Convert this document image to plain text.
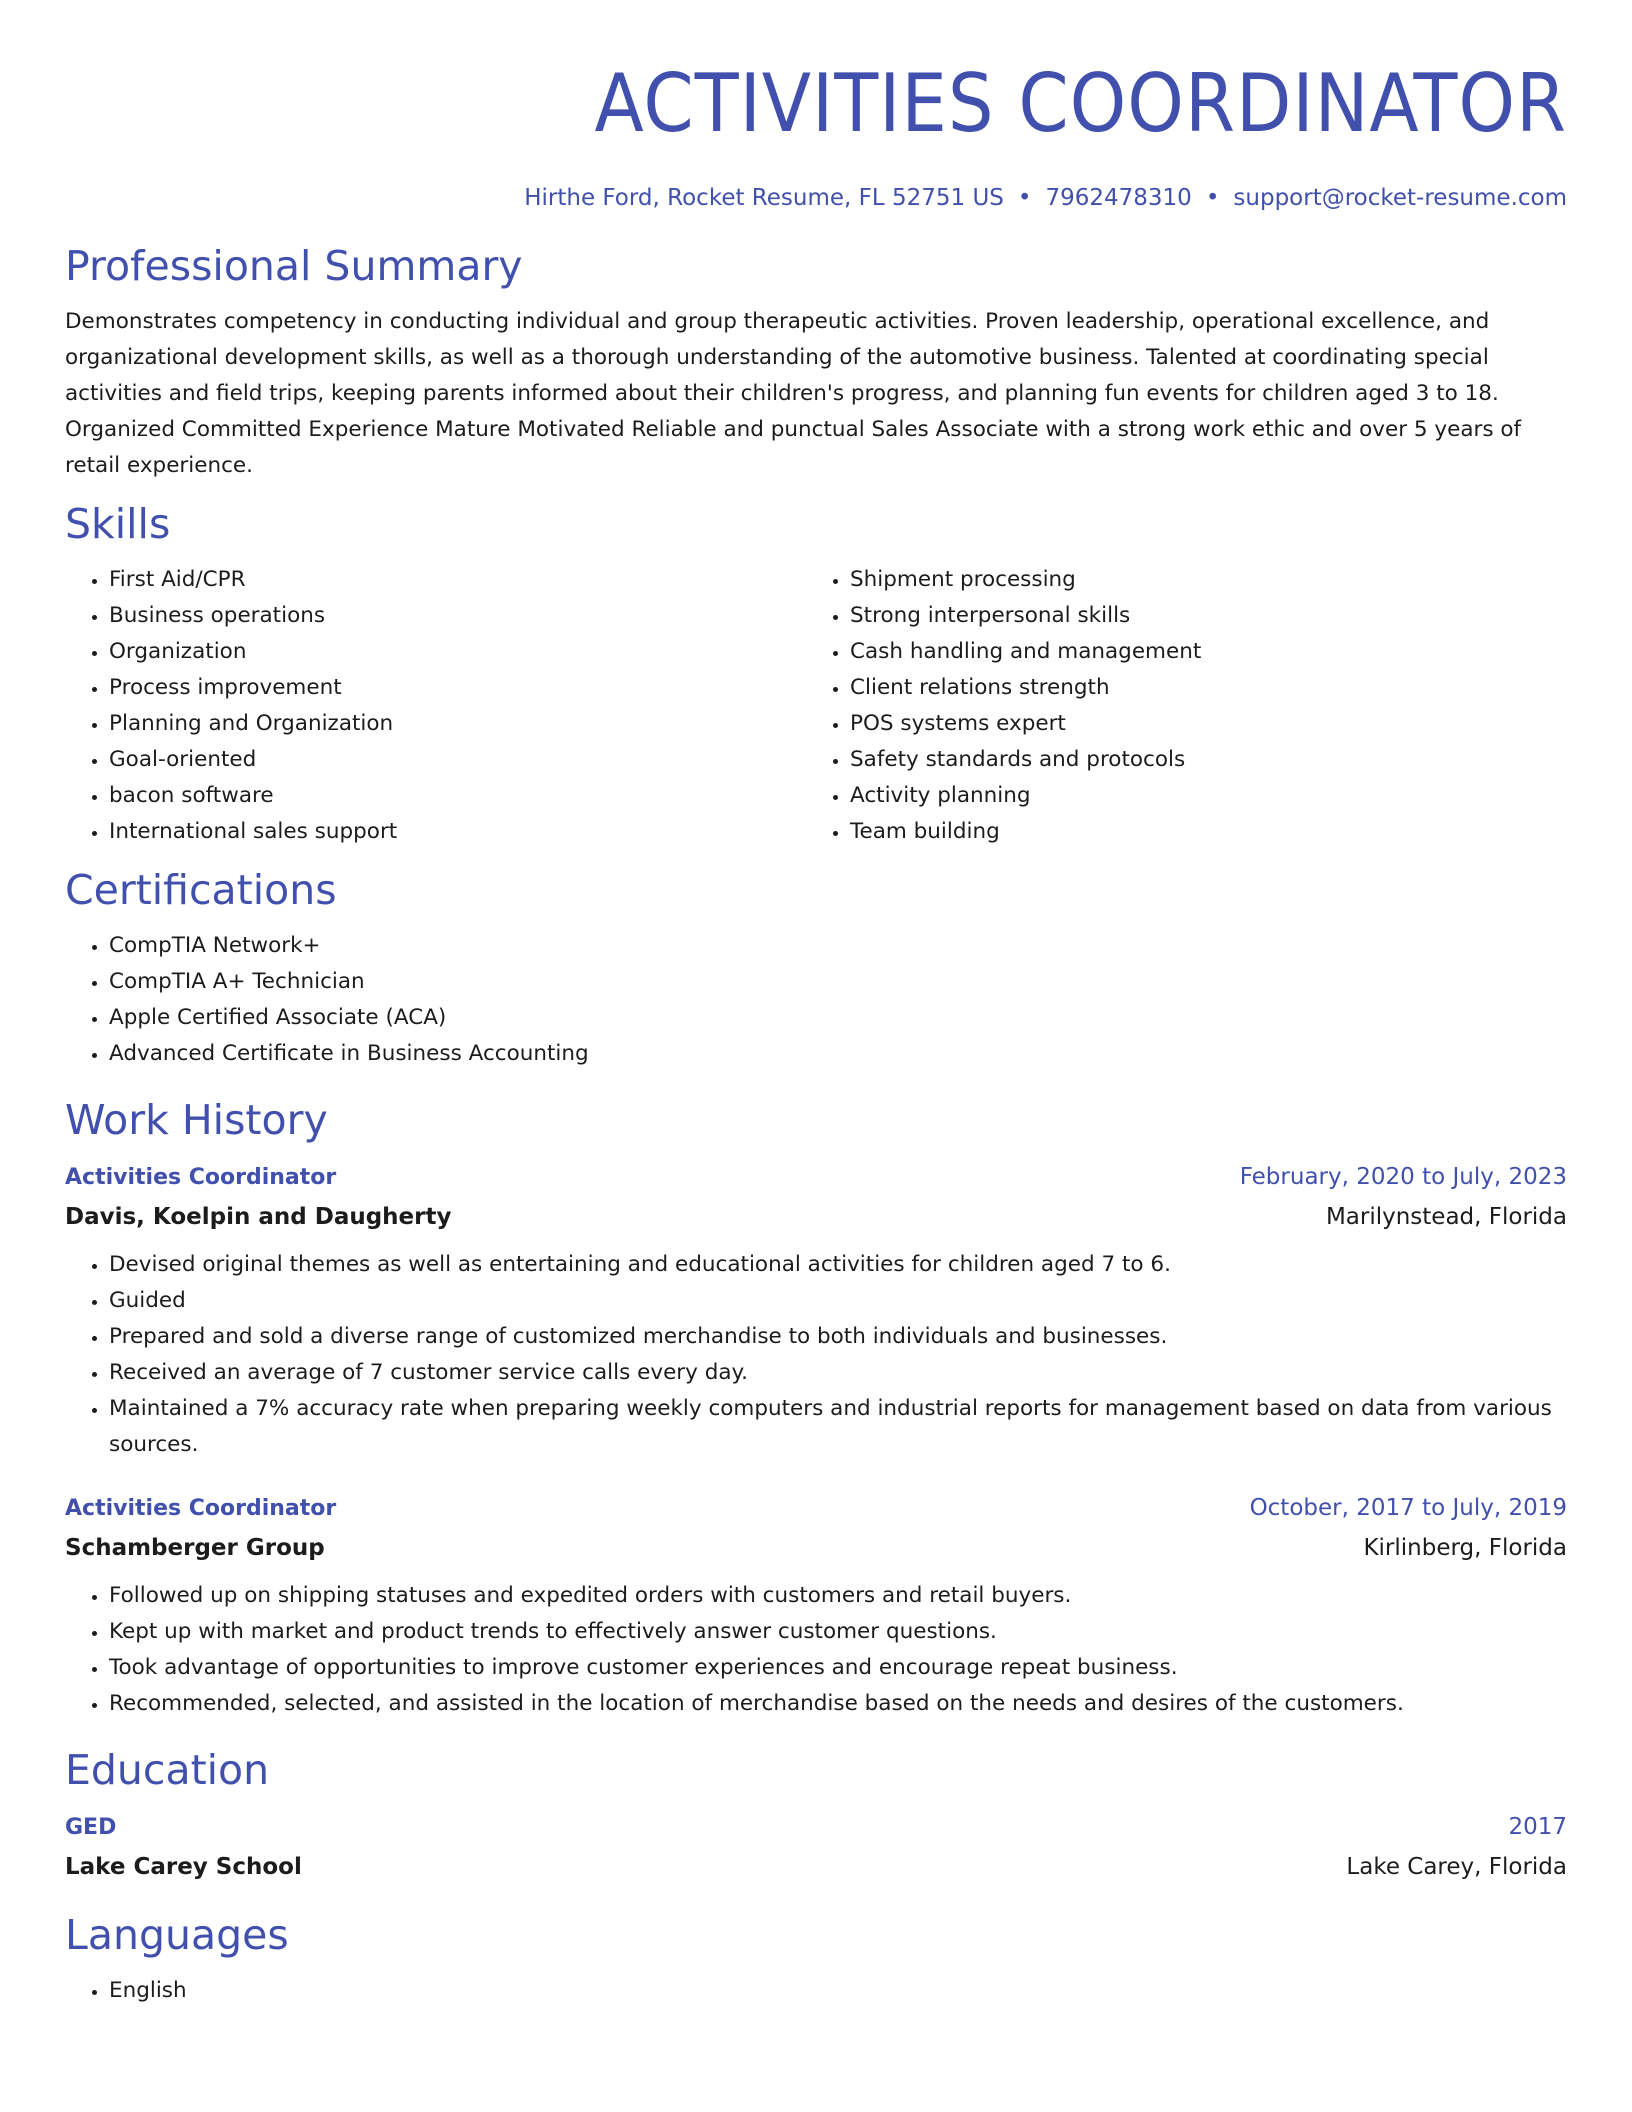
ACTIVITIES COORDINATOR
Hirthe Ford, Rocket Resume, FL 52751 US • 7962478310 • support@rocket-resume.com
Professional Summary

Demonstrates competency in conducting individual and group therapeutic activities. Proven leadership, operational excellence, and organizational development skills, as well as a thorough understanding of the automotive business. Talented at coordinating special activities and field trips, keeping parents informed about their children's progress, and planning fun events for children aged 3 to 18. Organized Committed Experience Mature Motivated Reliable and punctual Sales Associate with a strong work ethic and over 5 years of retail experience.

Skills
• First Aid/CPR
• Business operations
• Organization
• Process improvement
• Planning and Organization
• Goal-oriented
• bacon software
• International sales support
• Shipment processing
• Strong interpersonal skills
• Cash handling and management
• Client relations strength
• POS systems expert
• Safety standards and protocols
• Activity planning
• Team building
Certifications
• CompTIA Network+
• CompTIA A+ Technician
• Apple Certified Associate (ACA)
• Advanced Certificate in Business Accounting
Work History
Activities Coordinator	February, 2020 to July, 2023
Davis, Koelpin and Daugherty	Marilynstead, Florida
• Devised original themes as well as entertaining and educational activities for children aged 7 to 6.
• Guided
• Prepared and sold a diverse range of customized merchandise to both individuals and businesses.
• Received an average of 7 customer service calls every day.
• Maintained a 7% accuracy rate when preparing weekly computers and industrial reports for management based on data from various sources.
Activities Coordinator	October, 2017 to July, 2019
Schamberger Group	Kirlinberg, Florida
• Followed up on shipping statuses and expedited orders with customers and retail buyers.
• Kept up with market and product trends to effectively answer customer questions.
• Took advantage of opportunities to improve customer experiences and encourage repeat business.
• Recommended, selected, and assisted in the location of merchandise based on the needs and desires of the customers.
Education
GED	2017
Lake Carey School	Lake Carey, Florida
Languages
• English
